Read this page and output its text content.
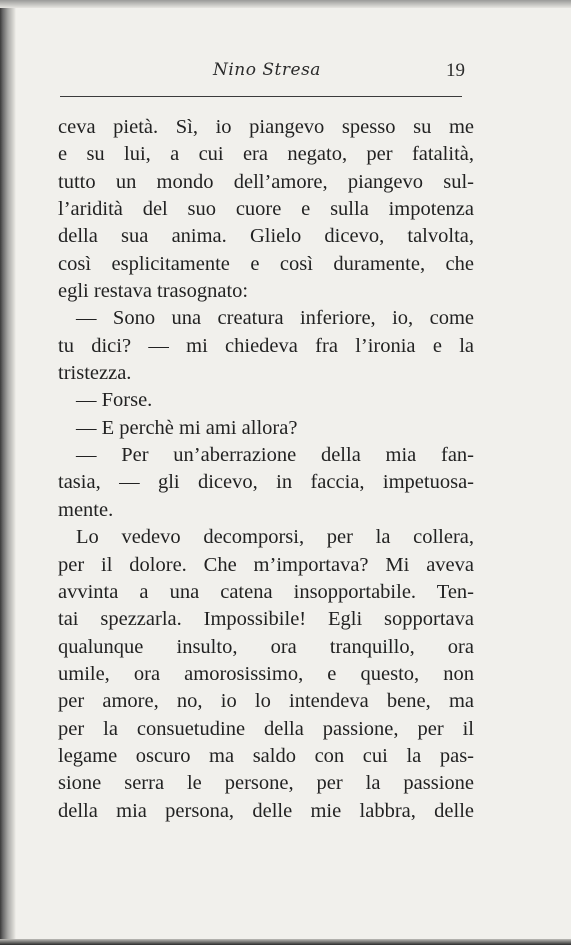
Nino Stresa	19
ceva pietà. Sì, io piangevo spesso su me
e su lui, a cui era negato, per fatalità,
tutto un mondo dell’amore, piangevo sul-
l’aridità del suo cuore e sulla impotenza
della sua anima. Glielo dicevo, talvolta,
così esplicitamente e così duramente, che
egli restava trasognato:
— Sono una creatura inferiore, io, come
tu dici? — mi chiedeva fra l’ironia e la
tristezza.
— Forse.
— E perchè mi ami allora?
— Per un’aberrazione della mia fan-
tasia, — gli dicevo, in faccia, impetuosa-
mente.
Lo vedevo decomporsi, per la collera,
per il dolore. Che m’importava? Mi aveva
avvinta a una catena insopportabile. Ten-
tai spezzarla. Impossibile! Egli sopportava
qualunque insulto, ora tranquillo, ora
umile, ora amorosissimo, e questo, non
per amore, no, io lo intendeva bene, ma
per la consuetudine della passione, per il
legame oscuro ma saldo con cui la pas-
sione serra le persone, per la passione
della mia persona, delle mie labbra, delle
